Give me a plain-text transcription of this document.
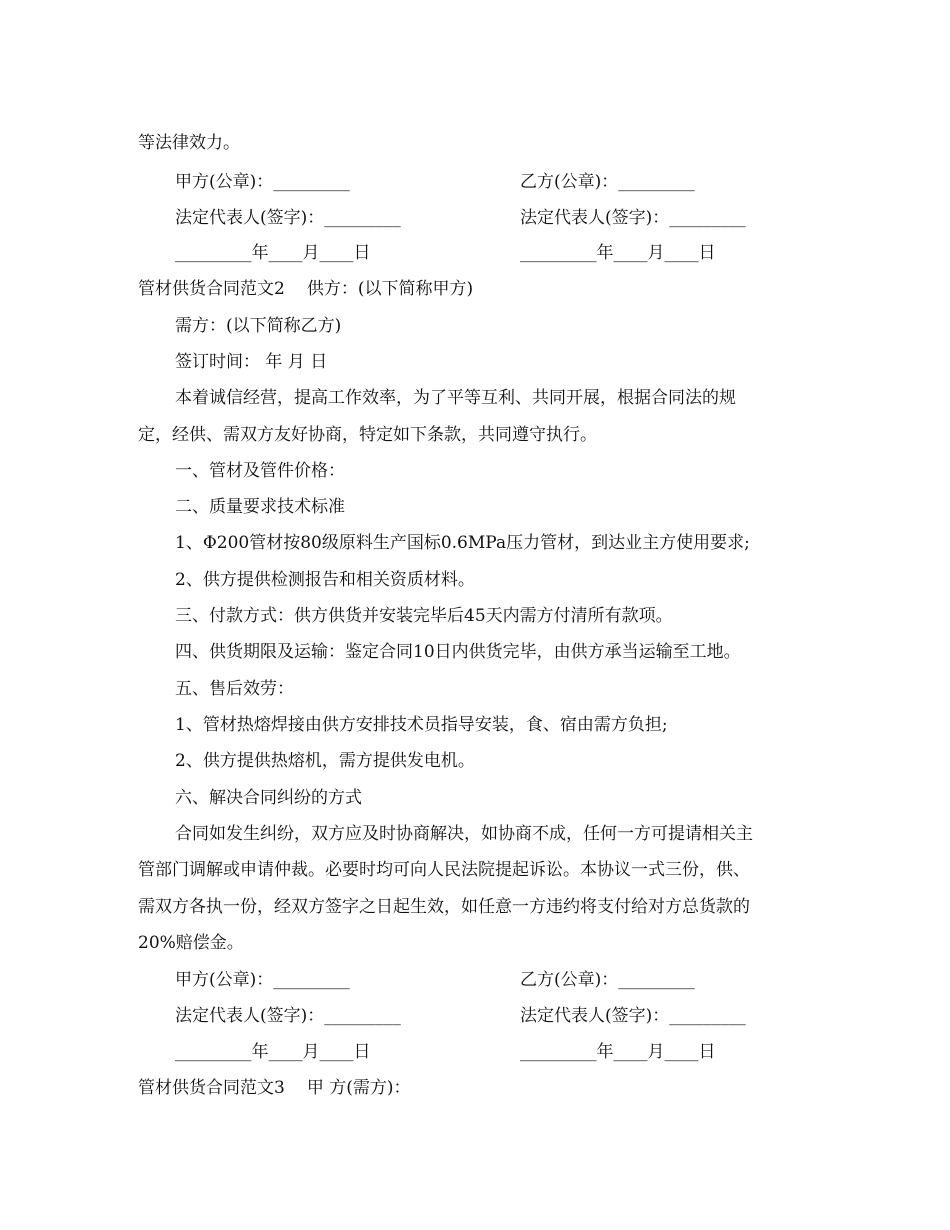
等法律效力。
甲方(公章)：_________	乙方(公章)：_________
法定代表人(签字)：_________	法定代表人(签字)：_________
_________年____月____日	_________年____月____日
管材供货合同范文2 供方：(以下简称甲方)
需方：(以下简称乙方)
签订时间： 年 月 日
本着诚信经营，提高工作效率，为了平等互利、共同开展，根据合同法的规
定，经供、需双方友好协商，特定如下条款，共同遵守执行。
一、管材及管件价格：
二、质量要求技术标准
1、Φ200管材按80级原料生产国标0.6MPa压力管材，到达业主方使用要求;
2、供方提供检测报告和相关资质材料。
三、付款方式：供方供货并安装完毕后45天内需方付清所有款项。
四、供货期限及运输：鉴定合同10日内供货完毕，由供方承当运输至工地。
五、售后效劳：
1、管材热熔焊接由供方安排技术员指导安装，食、宿由需方负担;
2、供方提供热熔机，需方提供发电机。
六、解决合同纠纷的方式
合同如发生纠纷，双方应及时协商解决，如协商不成，任何一方可提请相关主
管部门调解或申请仲裁。必要时均可向人民法院提起诉讼。本协议一式三份，供、
需双方各执一份，经双方签字之日起生效，如任意一方违约将支付给对方总货款的
20%赔偿金。
甲方(公章)：_________	乙方(公章)：_________
法定代表人(签字)：_________	法定代表人(签字)：_________
_________年____月____日	_________年____月____日
管材供货合同范文3 甲 方(需方)：
